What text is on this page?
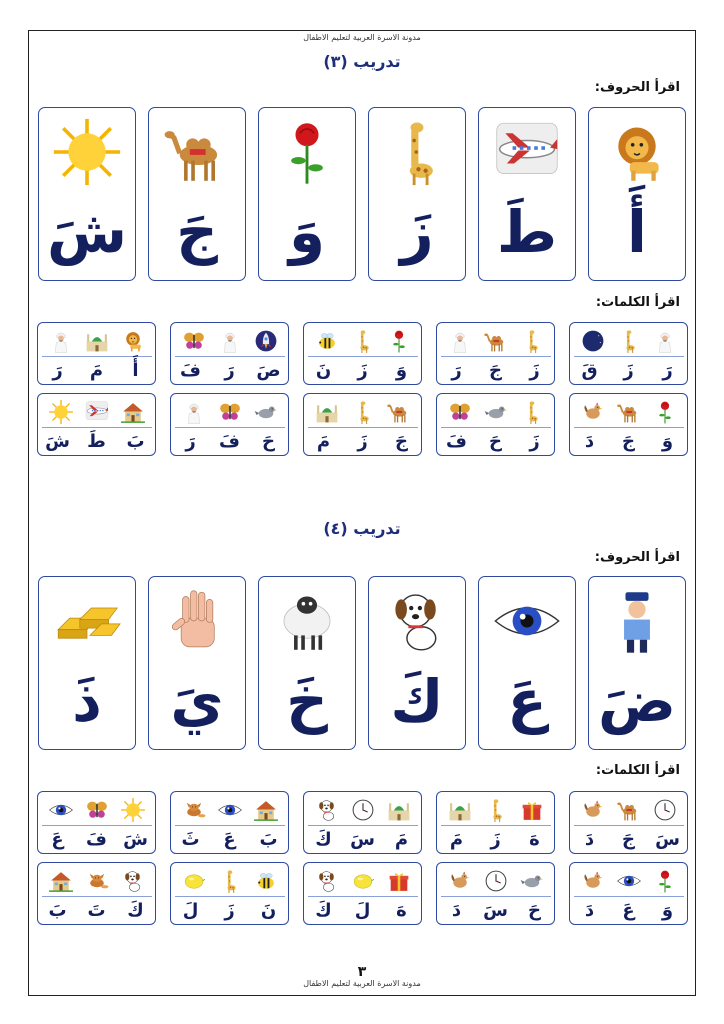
مدونة الاسرة العربية لتعليم الاطفال
تدريب (٣)
اقرأ الحروف:
أَ
طَ
زَ
وَ
جَ
شَ
اقرأ الكلمات:
رَ
زَ
قَ
زَ
جَ
رَ
وَ
زَ
نَ
صَ
رَ
فَ
أَ
مَ
رَ
وَ
جَ
دَ
زَ
حَ
فَ
جَ
زَ
مَ
حَ
فَ
رَ
بَ
طَ
شَ
تدريب (٤)
اقرأ الحروف:
ضَ
عَ
كَ
خَ
يَ
ذَ
اقرأ الكلمات:
سَ
جَ
دَ
هَ
زَ
مَ
مَ
سَ
كَ
بَ
عَ
ثَ
شَ
فَ
عَ
وَ
عَ
دَ
حَ
سَ
دَ
هَ
لَ
كَ
نَ
زَ
لَ
كَ
تَ
بَ
٣
مدونة الاسرة العربية لتعليم الاطفال
